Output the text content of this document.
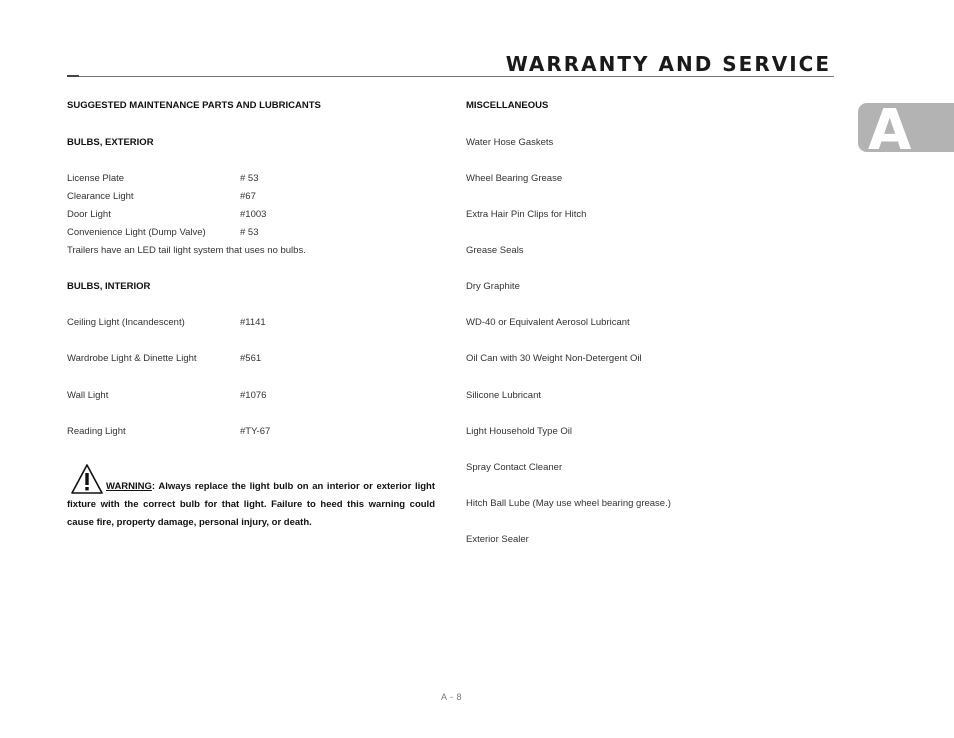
WARRANTY AND SERVICE
A
SUGGESTED MAINTENANCE PARTS AND LUBRICANTS
BULBS, EXTERIOR
License Plate	# 53
Clearance Light	#67
Door Light	#1003
Convenience Light (Dump Valve)	# 53
Trailers have an LED tail light system that uses no bulbs.
BULBS, INTERIOR
Ceiling Light (Incandescent)	#1141
Wardrobe Light & Dinette Light	#561
Wall Light	#1076
Reading Light	#TY-67
WARNING: Always replace the light bulb on an interior or exterior light fixture with the correct bulb for that light. Failure to heed this warning could cause fire, property damage, personal injury, or death.
MISCELLANEOUS
Water Hose Gaskets
Wheel Bearing Grease
Extra Hair Pin Clips for Hitch
Grease Seals
Dry Graphite
WD-40 or Equivalent Aerosol Lubricant
Oil Can with 30 Weight Non-Detergent Oil
Silicone Lubricant
Light Household Type Oil
Spray Contact Cleaner
Hitch Ball Lube (May use wheel bearing grease.)
Exterior Sealer
A - 8
